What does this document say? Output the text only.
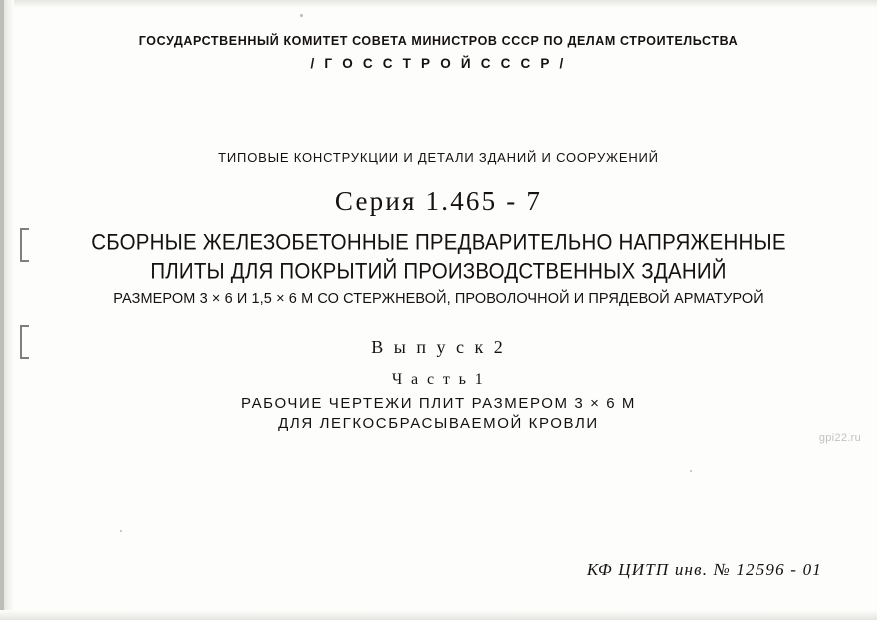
ГОСУДАРСТВЕННЫЙ КОМИТЕТ СОВЕТА МИНИСТРОВ СССР ПО ДЕЛАМ СТРОИТЕЛЬСТВА
/ Г О С С Т Р О Й С С С Р /
ТИПОВЫЕ КОНСТРУКЦИИ И ДЕТАЛИ ЗДАНИЙ И СООРУЖЕНИЙ
Серия 1.465 - 7
СБОРНЫЕ ЖЕЛЕЗОБЕТОННЫЕ ПРЕДВАРИТЕЛЬНО НАПРЯЖЕННЫЕ
ПЛИТЫ ДЛЯ ПОКРЫТИЙ ПРОИЗВОДСТВЕННЫХ ЗДАНИЙ
РАЗМЕРОМ 3 × 6 И 1,5 × 6 М СО СТЕРЖНЕВОЙ, ПРОВОЛОЧНОЙ И ПРЯДЕВОЙ АРМАТУРОЙ
В ы п у с к 2
Ч а с т ь 1
РАБОЧИЕ ЧЕРТЕЖИ ПЛИТ РАЗМЕРОМ 3 × 6 М
ДЛЯ ЛЕГКОСБРАСЫВАЕМОЙ КРОВЛИ
КФ ЦИТП инв. № 12596 - 01
gpi22.ru
